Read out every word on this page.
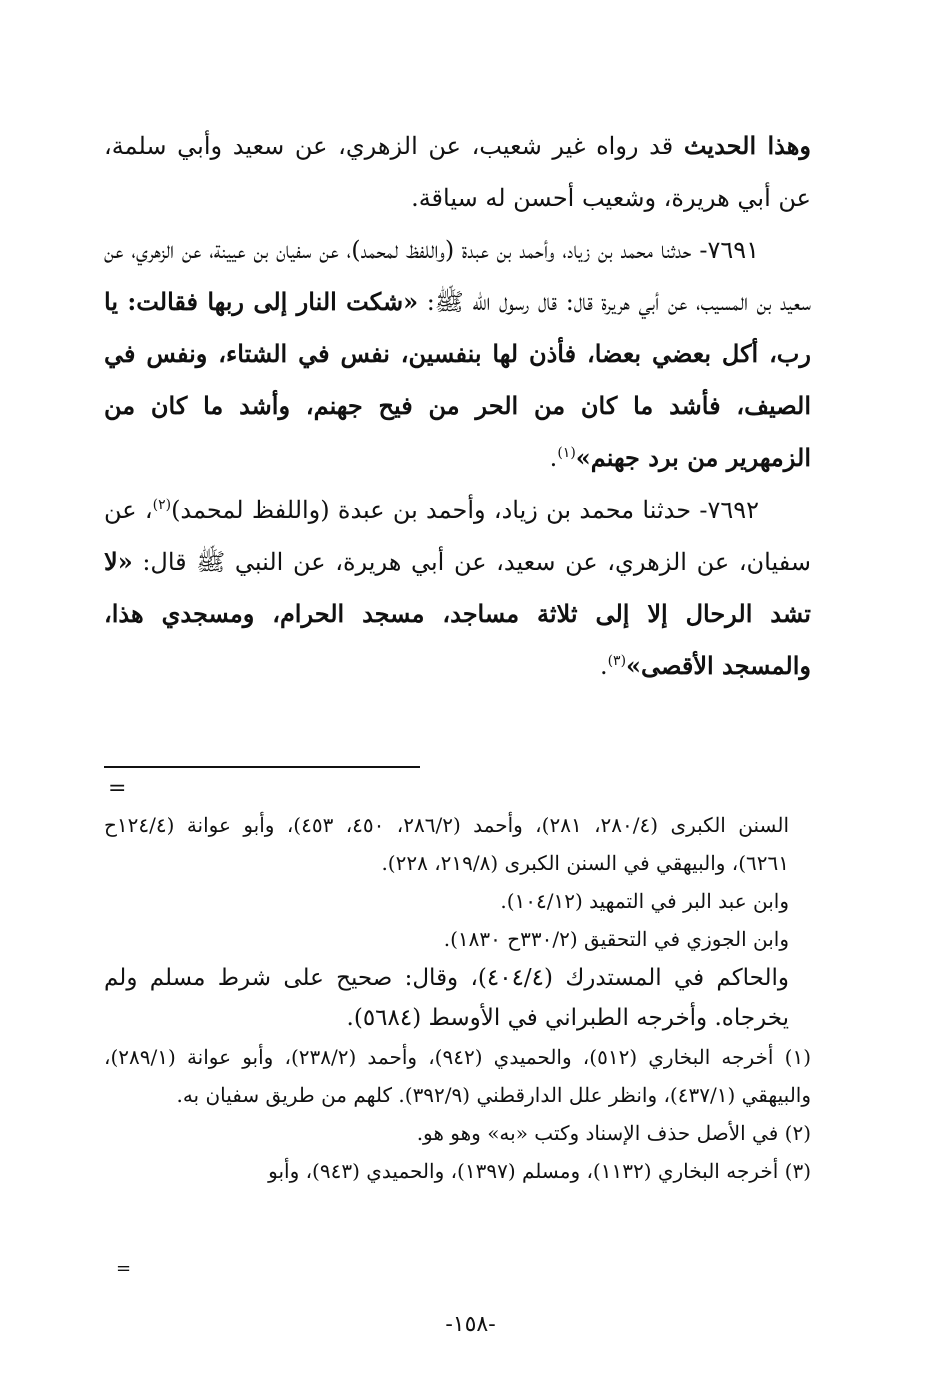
وهذا الحديث قد رواه غير شعيب، عن الزهري، عن سعيد وأبي سلمة، عن أبي هريرة، وشعيب أحسن له سياقة.

٧٦٩١- حدثنا محمد بن زياد، وأحمد بن عبدة (واللفظ لمحمد)، عن سفيان بن عيينة، عن الزهري، عن سعيد بن المسيب، عن أبي هريرة قال: قال رسول الله ﷺ: «شكت النار إلى ربها فقالت: يا رب، أكل بعضي بعضا، فأذن لها بنفسين، نفس في الشتاء، ونفس في الصيف، فأشد ما كان من الحر من فيح جهنم، وأشد ما كان من الزمهرير من برد جهنم»$^{(١)}$.

٧٦٩٢- حدثنا محمد بن زياد، وأحمد بن عبدة (واللفظ لمحمد)$^{(٢)}$، عن سفيان، عن الزهري، عن سعيد، عن أبي هريرة، عن النبي ﷺ قال: «لا تشد الرحال إلا إلى ثلاثة مساجد، مسجد الحرام، ومسجدي هذا، والمسجد الأقصى»$^{(٣)}$.

=

السنن الكبرى (٢٨٠/٤، ٢٨١)، وأحمد (٢٨٦/٢، ٤٥٠، ٤٥٣)، وأبو عوانة (١٢٤/٤ح ٦٢٦١)، والبيهقي في السنن الكبرى (٢١٩/٨، ٢٢٨).

وابن عبد البر في التمهيد (١٠٤/١٢).

وابن الجوزي في التحقيق (٣٣٠/٢ح ١٨٣٠).

والحاكم في المستدرك (٤٠٤/٤)، وقال: صحيح على شرط مسلم ولم يخرجاه. وأخرجه الطبراني في الأوسط (٥٦٨٤).

(١) أخرجه البخاري (٥١٢)، والحميدي (٩٤٢)، وأحمد (٢٣٨/٢)، وأبو عوانة (٢٨٩/١)، والبيهقي (٤٣٧/١)، وانظر علل الدارقطني (٣٩٢/٩). كلهم من طريق سفيان به.

(٢) في الأصل حذف الإسناد وكتب «به» وهو هو.

(٣) أخرجه البخاري (١١٣٢)، ومسلم (١٣٩٧)، والحميدي (٩٤٣)، وأبو

=
-١٥٨-
